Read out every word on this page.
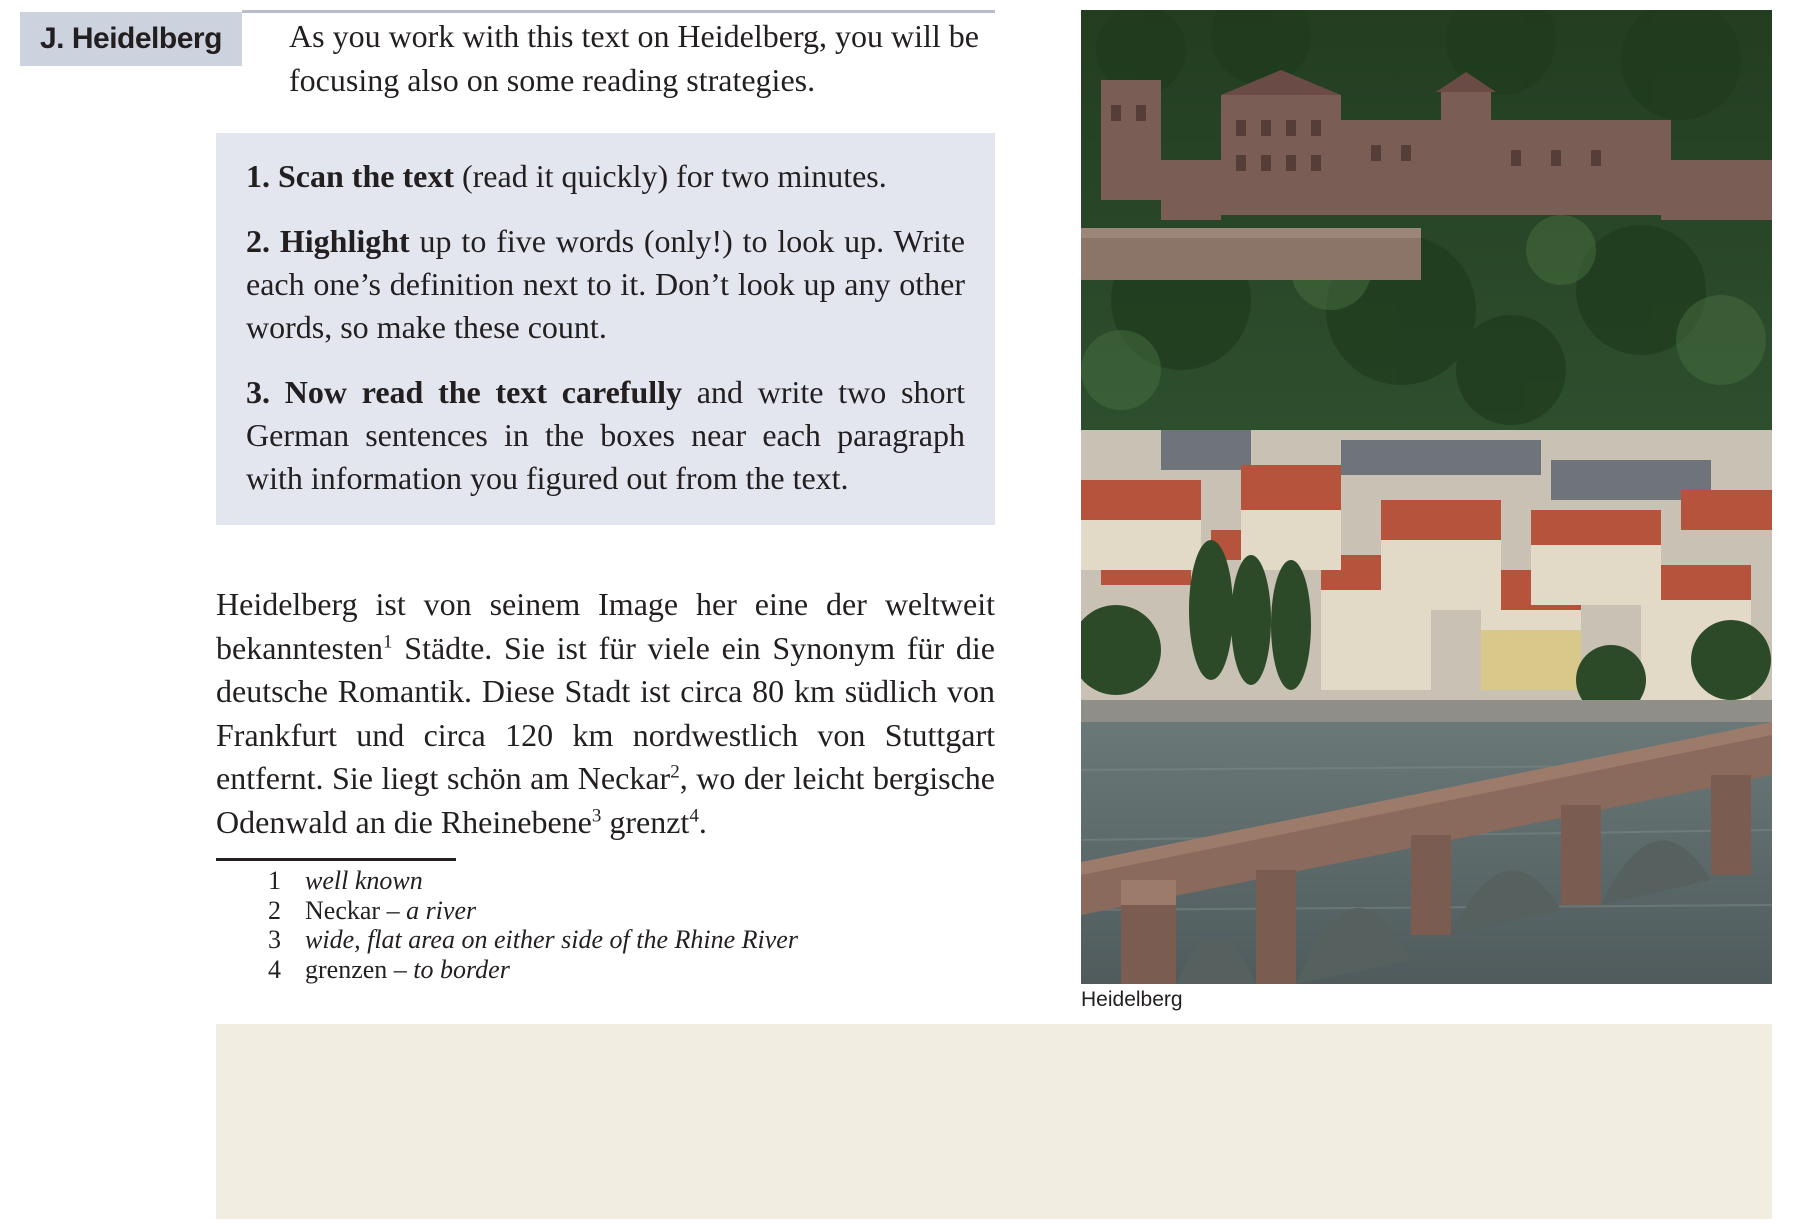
J. Heidelberg	As you work with this text on Heidelberg, you will be focusing also on some reading strategies.

1. Scan the text (read it quickly) for two minutes.

2. Highlight up to five words (only!) to look up. Write each one’s definition next to it. Don’t look up any other words, so make these count.

3. Now read the text carefully and write two short German sentences in the boxes near each paragraph with information you figured out from the text.

Heidelberg ist von seinem Image her eine der weltweit bekanntesten$^1$ Städte. Sie ist für viele ein Synonym für die deutsche Romantik. Diese Stadt ist circa 80 km südlich von Frankfurt und circa 120 km nordwestlich von Stuttgart entfernt. Sie liegt schön am Neckar$^2$, wo der leicht bergische Odenwald an die Rheinebene$^3$ grenzt$^4$.
1 well known
2 Neckar – a river
3 wide, flat area on either side of the Rhine River
4 grenzen – to border
Heidelberg
